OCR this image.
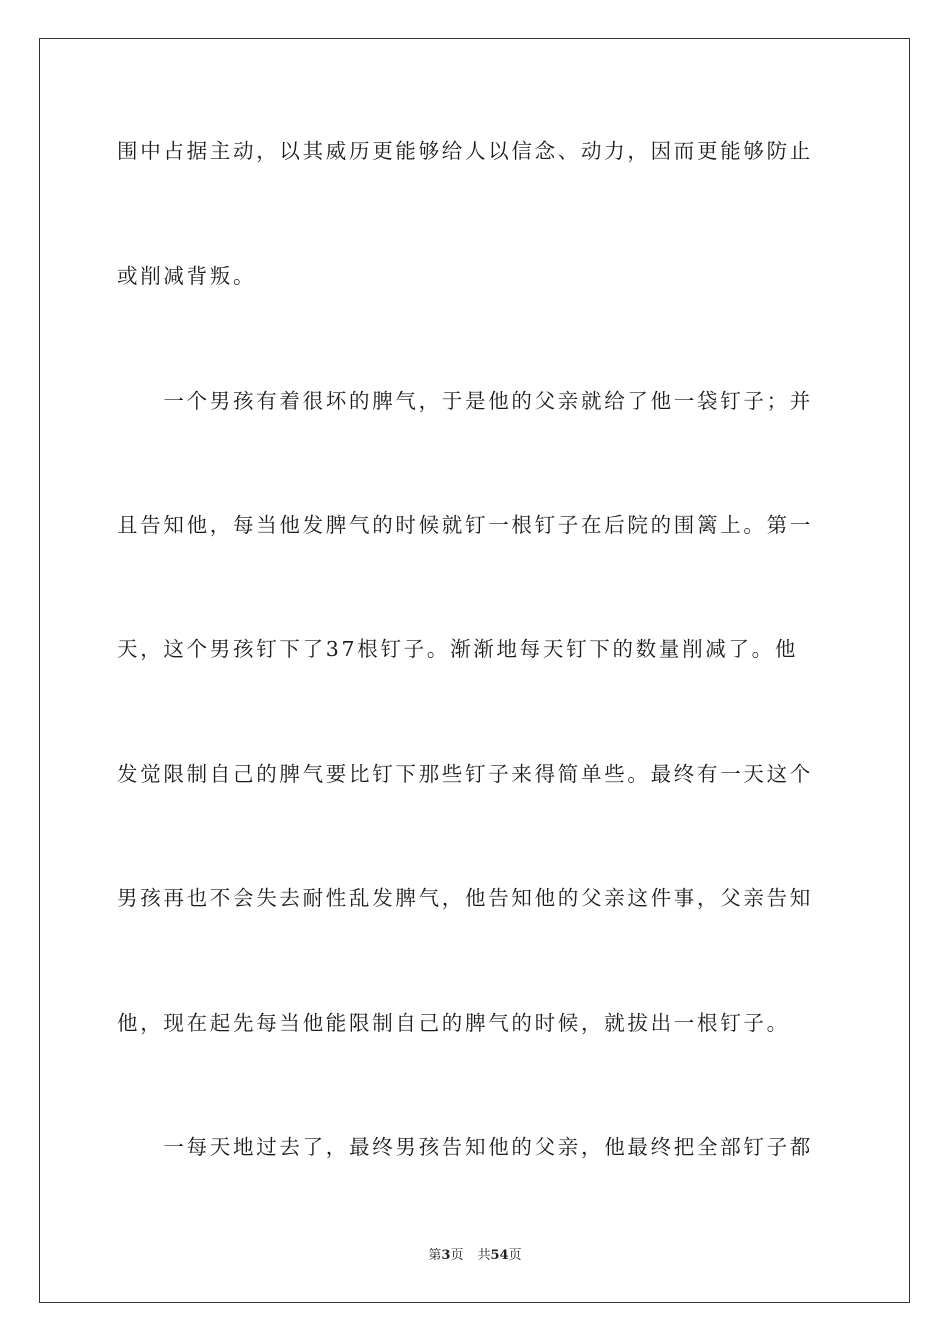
围中占据主动，以其威历更能够给人以信念、动力，因而更能够防止
或削减背叛。
　　一个男孩有着很坏的脾气，于是他的父亲就给了他一袋钉子；并
且告知他，每当他发脾气的时候就钉一根钉子在后院的围篱上。第一
天，这个男孩钉下了37根钉子。渐渐地每天钉下的数量削减了。他
发觉限制自己的脾气要比钉下那些钉子来得简单些。最终有一天这个
男孩再也不会失去耐性乱发脾气，他告知他的父亲这件事，父亲告知
他，现在起先每当他能限制自己的脾气的时候，就拔出一根钉子。
　　一每天地过去了，最终男孩告知他的父亲，他最终把全部钉子都
第3页 共54页
